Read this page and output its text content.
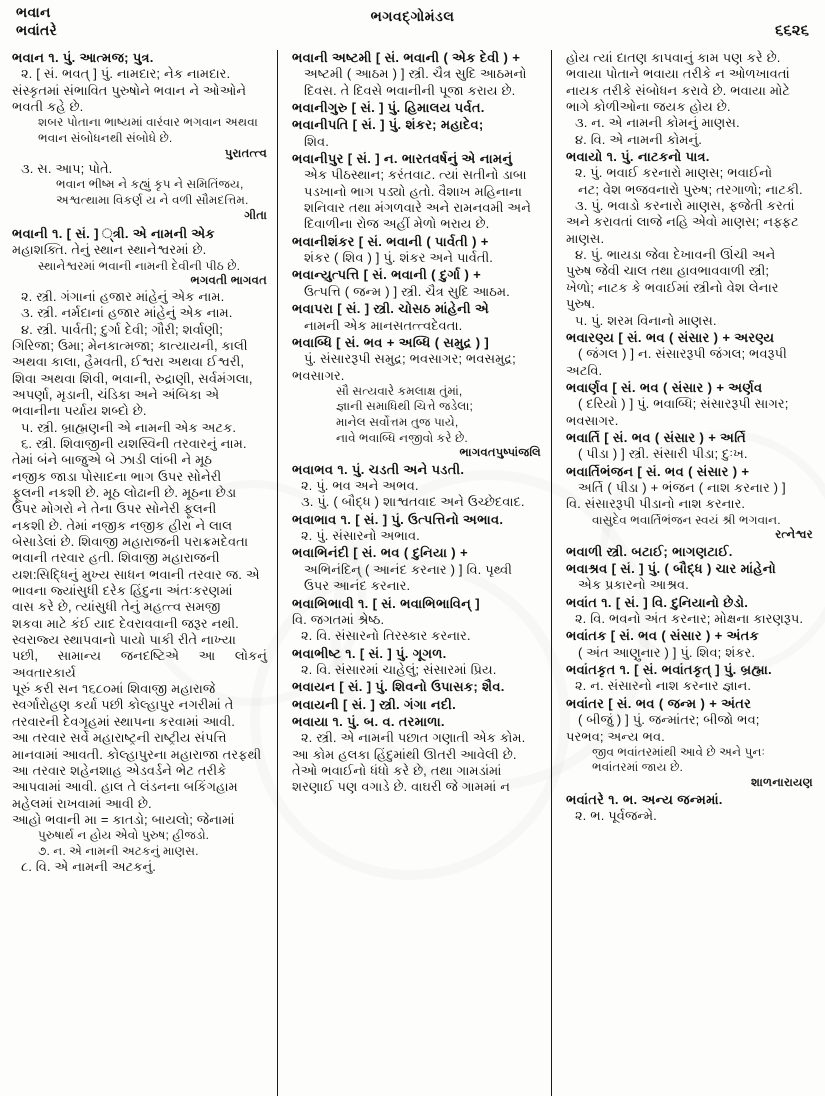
ભવાન
ભવાંતરે
ભગવદ્ગોમંડલ
૬૬૨૬
ભવાન ૧. પું. આત્મજ; પુત્ર.
૨. [ સં. ભવત્ ] પું. નામદાર; નેક નામદાર.
સંસ્કૃતમાં સંભાવિત પુરુષોને ભવાન ને ઓઓને
ભવતી કહે છે.
શબર પોતાના ભાષ્યમાં વારંવાર ભગવાન અથવા
ભવાન સંબોધનથી સંબોધે છે.
પુરાતત્ત્વ
૩. સ. આપ; પોતે.
ભવાન ભીષ્મ ને કહ્યું કૃપ ને સમિતિંજય,
અશ્વત્થામા વિકર્ણ ય ને વળી સૌમદત્તિમ.
ગીતા
ભવાની ૧. [ સં. ] ્ત્રી. એ નામની એક
મહાશક્તિ. તેનું સ્થાન સ્થાનેશ્વરમાં છે.
સ્થાનેશ્વરમાં ભવાની નામની દેવીની પીઠ છે.
ભગવતી ભાગવત
૨. સ્ત્રી. ગંગાનાં હજાર માંહેનું એક નામ.
૩. સ્ત્રી. નર્મદાનાં હજાર માંહેનું એક નામ.
૪. સ્ત્રી. પાર્વતી; દુર્ગા દેવી; ગૌરી; શર્વાણી;
ગિરિજા; ઉમા; મેનકાત્મજા; કાત્યાયની, કાલી
અથવા કાલા, હૈમવતી, ઈશ્વરા અથવા ઈશ્વરી,
શિવા અથવા શિવી, ભવાની, રુદ્રાણી, સર્વમંગલા,
અપર્ણા, મૃડાની, ચંડિકા અને અંબિકા એ
ભવાનીના પર્યાય શબ્દો છે.
૫. સ્ત્રી. બ્રાહ્મણની એ નામની એક અટક.
૬. સ્ત્રી. શિવાજીની યશસ્વિની તરવારનું નામ.
તેમાં બંને બાજુએ બે ઝાડી લાંબી ને મૂઠ
નજીક જાડા પોસાદના ભાગ ઉપર સોનેરી
ફૂલની નકશી છે. મૂઠ લોઢાની છે. મૂઠના છેડા
ઉપર મોગરો ને તેના ઉપર સોનેરી ફૂલની
નકશી છે. તેમાં નજીક નજીક હીરા ને લાલ
બેસાડેલાં છે. શિવાજી મહારાજની પરાક્રમદેવતા
ભવાની તરવાર હતી. શિવાજી મહારાજની
યશ:સિદ્ધિનું મુખ્ય સાધન ભવાની તરવાર જ. એ
ભાવના જ્યાંસુધી દરેક હિંદુના અંતઃકરણમાં
વાસ કરે છે, ત્યાંસુધી તેનું મહત્ત્વ સમજી
શકવા માટે કંઈ યાદ દેવરાવવાની જરૂર નથી.
સ્વરાજ્ય સ્થાપવાનો પાયો પાકી રીતે નાખ્યા
પછી, સામાન્ય જનદષ્ટિએ આ લોકનું અવતારકાર્ય
પૂરું કરી સન ૧૬૮૦માં શિવાજી મહારાજે
સ્વર્ગારોહણ કર્યા પછી કોલ્હાપુર નગરીમાં તે
તરવારની દેવગૃહમાં સ્થાપના કરવામાં આવી.
આ તરવાર સર્વે મહારાષ્ટ્રની રાષ્ટ્રીય સંપત્તિ
માનવામાં આવતી. કોલ્હાપુરના મહારાજા તરફથી
આ તરવાર શહેનશાહ એડવર્ડને ભેટ તરીકે
આપવામાં આવી. હાલ તે લંડનના બકિંગહામ
મહેલમાં રાખવામાં આવી છે.
આહો ભવાની મા = કાતડો; બાયલો; જેનામાં
પુરુષાર્થ ન હોય એવો પુરુષ; હીજડો.
૭. ન. એ નામની અટકનું માણસ.
૮. વિ. એ નામની અટકનું.
ભવાની અષ્ટમી [ સં. ભવાની ( એક દેવી ) +
અષ્ટમી ( આઠમ ) ] સ્ત્રી. ચૈત્ર સુદિ આઠમનો
દિવસ. તે દિવસે ભવાનીની પૂજા કરાય છે.
ભવાનીગુરુ [ સં. ] પું. હિમાલય પર્વત.
ભવાનીપતિ [ સં. ] પું. શંકર; મહાદેવ;
શિવ.
ભવાનીપુર [ સં. ] ન. ભારતવર્ષનું એ નામનું
એક પીઠસ્થાન; કરંતવાટ. ત્યાં સતીનો ડાબા
પડખાનો ભાગ પડ્યો હતો. વૈશાખ મહિનાના
શનિવાર તથા મંગળવારે અને રામનવમી અને
દિવાળીના રોજ અહીં મેળો ભરાય છે.
ભવાનીશંકર [ સં. ભવાની ( પાર્વતી ) +
શંકર ( શિવ ) ] પું. શંકર અને પાર્વતી.
ભવાન્યુત્પત્તિ [ સં. ભવાની ( દુર્ગા ) +
ઉત્પત્તિ ( જન્મ ) ] સ્ત્રી. ચૈત્ર સુદિ આઠમ.
ભવાપરા [ સં. ] સ્ત્રી. ચોસઠ માંહેની એ
નામની એક માનસતત્ત્વદેવતા.
ભવાબ્ધિ [ સં. ભવ + અબ્ધિ ( સમુદ્ર ) ]
પું. સંસારરૂપી સમુદ્ર; ભવસાગર; ભવસમુદ્ર;
ભવસાગર.
સૌ સત્યવારે કમલાક્ષ તુંમાં,
જ્ઞાની સમાધિથી ચિત્તે જડેલા;
માનેલ સર્વોત્તમ તુજ પાયે,
નાવે ભવાબ્ધિ નજીવો કરે છે.
ભાગવતપુષ્પાંજલિ
ભવાભવ ૧. પું. ચડતી અને પડતી.
૨. પું. ભવ અને અભવ.
૩. પું. ( બૌદ્ધ ) શાશ્વતવાદ અને ઉચ્છેદવાદ.
ભવાભાવ ૧. [ સં. ] પું. ઉત્પત્તિનો અભાવ.
૨. પું. સંસારનો અભાવ.
ભવાભિનંદી [ સં. ભવ ( દુનિયા ) +
અભિનંદિન્ ( આનંદ કરનાર ) ] વિ. પૃથ્વી
ઉપર આનંદ કરનાર.
ભવાભિભાવી ૧. [ સં. ભવાભિભાવિન્ ]
વિ. જગતમાં શ્રેષ્ઠ.
૨. વિ. સંસારનો તિરસ્કાર કરનાર.
ભવાભીષ્ટ ૧. [ સં. ] પું. ગૂગળ.
૨. વિ. સંસારમાં ચાહેલું; સંસારમાં પ્રિય.
ભવાયન [ સં. ] પું. શિવનો ઉપાસક; શૈવ.
ભવાયની [ સં. ] સ્ત્રી. ગંગા નદી.
ભવાયા ૧. પું. બ. વ. તરમાળા.
૨. સ્ત્રી. એ નામની પછાત ગણાતી એક કોમ.
આ કોમ હલકા હિંદુમાંથી ઊતરી આવેલી છે.
તેઓ ભવાઈનો ધંધો કરે છે, તથા ગામડાંમાં
શરણાઈ પણ વગાડે છે. વાઘરી જે ગામમાં ન
હોય ત્યાં દાતણ કાપવાનું કામ પણ કરે છે.
ભવાયા પોતાને ભવાયા તરીકે ન ઓળખાવતાં
નાયક તરીકે સંબોધન કરાવે છે. ભવાયા મોટે
ભાગે કોળીઓના જયક હોય છે.
૩. ન. એ નામની કોમનું માણસ.
૪. વિ. એ નામની કોમનું.
ભવાયો ૧. પું. નાટકનો પાત્ર.
૨. પું. ભવાઈ કરનારો માણસ; ભવાઈનો
નટ; વેશ ભજવનારો પુરુષ; તરગાળો; નાટકી.
૩. પું. ભવાડો કરનારો માણસ, ફજેતી કરતાં
અને કરાવતાં લાજે નહિ એવો માણસ; નફ્ફટ
માણસ.
૪. પું. ભાયડા જેવા દેખાવની ઊંચી અને
પુરુષ જેવી ચાલ તથા હાવભાવવાળી સ્ત્રી;
ખેળો; નાટક કે ભવાઈમાં સ્ત્રીનો વેશ લેનાર
પુરુષ.
૫. પું. શરમ વિનાનો માણસ.
ભવારણ્ય [ સં. ભવ ( સંસાર ) + અરણ્ય
( જંગલ ) ] ન. સંસારરૂપી જંગલ; ભવરૂપી
અટવિ.
ભવાર્ણવ [ સં. ભવ ( સંસાર ) + અર્ણવ
( દરિયો ) ] પું. ભવાબ્ધિ; સંસારરૂપી સાગર;
ભવસાગર.
ભવાર્તિ [ સં. ભવ ( સંસાર ) + અર્તિ
( પીડા ) ] સ્ત્રી. સંસારી પીડા; દુઃખ.
ભવાર્તિભંજન [ સં. ભવ ( સંસાર ) +
અર્તિ ( પીડા ) + ભંજન ( નાશ કરનાર ) ]
વિ. સંસારરૂપી પીડાનો નાશ કરનાર.
વાસુદેવ ભવાર્તિભંજન સ્વયં શ્રી ભગવાન.
રત્નેશ્વર
ભવાળી સ્ત્રી. બટાઈ; ભાગણટાઈ.
ભવાશ્રવ [ સં. ] પું. ( બૌદ્ધ ) ચાર માંહેનો
એક પ્રકારનો આશ્રવ.
ભવાંત ૧. [ સં. ] વિ. દુનિયાનો છેડો.
૨. વિ. ભવનો અંત કરનાર; મોક્ષના કારણરૂપ.
ભવાંતક [ સં. ભવ ( સંસાર ) + અંતક
( અંત આણુનાર ) ] પું. શિવ; શંકર.
ભવાંતકૃત ૧. [ સં. ભવાંતકૃત્ ] પું. બ્રહ્મા.
૨. ન. સંસારનો નાશ કરનાર જ્ઞાન.
ભવાંતર [ સં. ભવ ( જન્મ ) + અંતર
( બીજું ) ] પું. જન્માંતર; બીજો ભવ;
પરભવ; અન્ય ભવ.
જીવ ભવાંતરમાંથી આવે છે અને પુનઃ
ભવાંતરમાં જાય છે.
શાળનારાયણ
ભવાંતરે ૧. ભ. અન્ય જન્મમાં.
૨. ભ. પૂર્વજન્મે.
